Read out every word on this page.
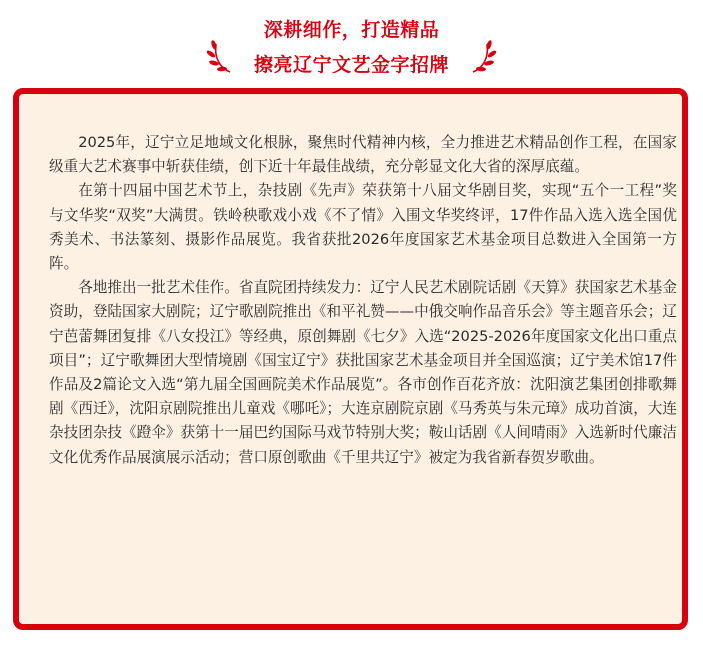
深耕细作，打造精品
擦亮辽宁文艺金字招牌

2025年，辽宁立足地域文化根脉，聚焦时代精神内核，全力推进艺术精品创作工程，在国家级重大艺术赛事中斩获佳绩，创下近十年最佳战绩，充分彰显文化大省的深厚底蕴。

在第十四届中国艺术节上，杂技剧《先声》荣获第十八届文华剧目奖，实现“五个一工程”奖与文华奖“双奖”大满贯。铁岭秧歌戏小戏《不了情》入围文华奖终评，17件作品入选入选全国优秀美术、书法篆刻、摄影作品展览。我省获批2026年度国家艺术基金项目总数进入全国第一方阵。

各地推出一批艺术佳作。省直院团持续发力：辽宁人民艺术剧院话剧《天算》获国家艺术基金资助，登陆国家大剧院；辽宁歌剧院推出《和平礼赞——中俄交响作品音乐会》等主题音乐会；辽宁芭蕾舞团复排《八女投江》等经典，原创舞剧《七夕》入选“2025-2026年度国家文化出口重点项目”；辽宁歌舞团大型情境剧《国宝辽宁》获批国家艺术基金项目并全国巡演；辽宁美术馆17件作品及2篇论文入选“第九届全国画院美术作品展览”。各市创作百花齐放：沈阳演艺集团创排歌舞剧《西迁》，沈阳京剧院推出儿童戏《哪吒》；大连京剧院京剧《马秀英与朱元璋》成功首演，大连杂技团杂技《蹬伞》获第十一届巴约国际马戏节特别大奖；鞍山话剧《人间晴雨》入选新时代廉洁文化优秀作品展演展示活动；营口原创歌曲《千里共辽宁》被定为我省新春贺岁歌曲。
